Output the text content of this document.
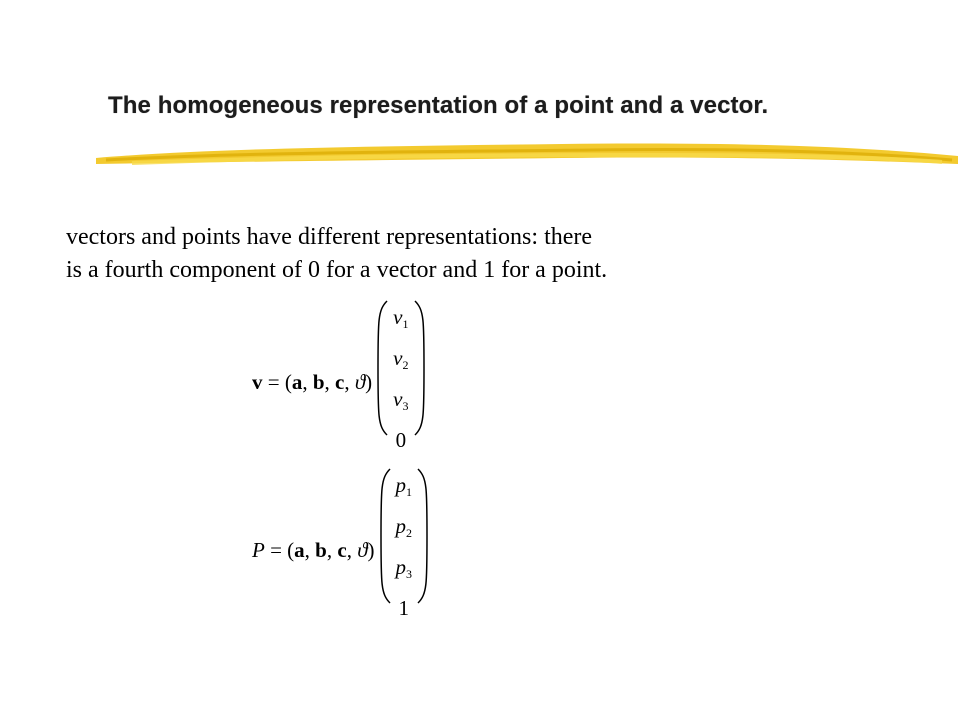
The homogeneous representation of a point and a vector.
vectors and points have different representations: there
is a fourth component of 0 for a vector and 1 for a point.
v = (a, b, c, ϑ)
$v_1$
$v_2$
$v_3$
0
P = (a, b, c, ϑ)
$p_1$
$p_2$
$p_3$
1
